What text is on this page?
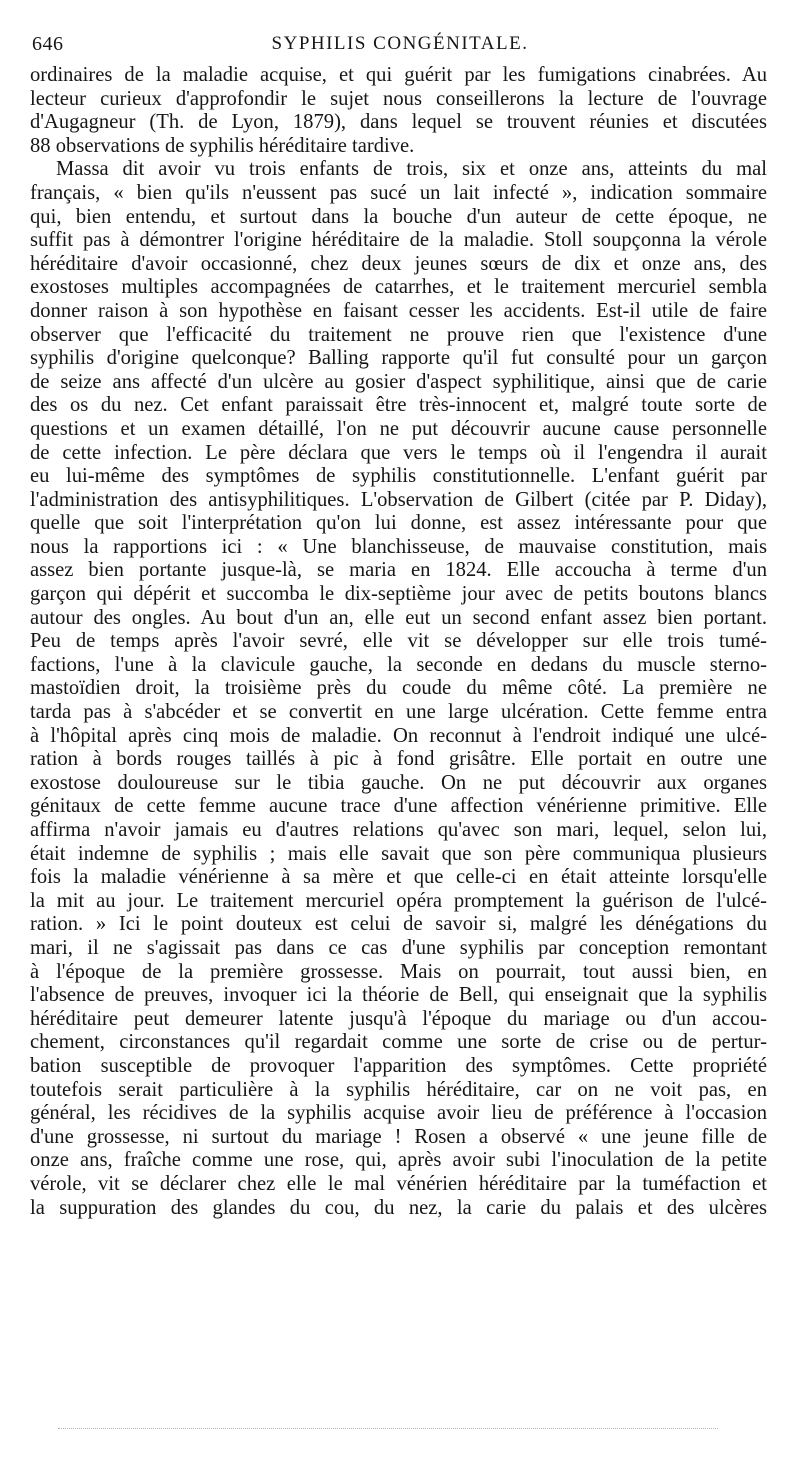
646	SYPHILIS CONGÉNITALE.
ordinaires de la maladie acquise, et qui guérit par les fumigations cinabrées. Au
lecteur curieux d'approfondir le sujet nous conseillerons la lecture de l'ouvrage
d'Augagneur (Th. de Lyon, 1879), dans lequel se trouvent réunies et discutées
88 observations de syphilis héréditaire tardive.
Massa dit avoir vu trois enfants de trois, six et onze ans, atteints du mal
français, « bien qu'ils n'eussent pas sucé un lait infecté », indication sommaire
qui, bien entendu, et surtout dans la bouche d'un auteur de cette époque, ne
suffit pas à démontrer l'origine héréditaire de la maladie. Stoll soupçonna la vérole
héréditaire d'avoir occasionné, chez deux jeunes sœurs de dix et onze ans, des
exostoses multiples accompagnées de catarrhes, et le traitement mercuriel sembla
donner raison à son hypothèse en faisant cesser les accidents. Est-il utile de faire
observer que l'efficacité du traitement ne prouve rien que l'existence d'une
syphilis d'origine quelconque? Balling rapporte qu'il fut consulté pour un garçon
de seize ans affecté d'un ulcère au gosier d'aspect syphilitique, ainsi que de carie
des os du nez. Cet enfant paraissait être très-innocent et, malgré toute sorte de
questions et un examen détaillé, l'on ne put découvrir aucune cause personnelle
de cette infection. Le père déclara que vers le temps où il l'engendra il aurait
eu lui-même des symptômes de syphilis constitutionnelle. L'enfant guérit par
l'administration des antisyphilitiques. L'observation de Gilbert (citée par P. Diday),
quelle que soit l'interprétation qu'on lui donne, est assez intéressante pour que
nous la rapportions ici : « Une blanchisseuse, de mauvaise constitution, mais
assez bien portante jusque-là, se maria en 1824. Elle accoucha à terme d'un
garçon qui dépérit et succomba le dix-septième jour avec de petits boutons blancs
autour des ongles. Au bout d'un an, elle eut un second enfant assez bien portant.
Peu de temps après l'avoir sevré, elle vit se développer sur elle trois tumé-
factions, l'une à la clavicule gauche, la seconde en dedans du muscle sterno-
mastoïdien droit, la troisième près du coude du même côté. La première ne
tarda pas à s'abcéder et se convertit en une large ulcération. Cette femme entra
à l'hôpital après cinq mois de maladie. On reconnut à l'endroit indiqué une ulcé-
ration à bords rouges taillés à pic à fond grisâtre. Elle portait en outre une
exostose douloureuse sur le tibia gauche. On ne put découvrir aux organes
génitaux de cette femme aucune trace d'une affection vénérienne primitive. Elle
affirma n'avoir jamais eu d'autres relations qu'avec son mari, lequel, selon lui,
était indemne de syphilis ; mais elle savait que son père communiqua plusieurs
fois la maladie vénérienne à sa mère et que celle-ci en était atteinte lorsqu'elle
la mit au jour. Le traitement mercuriel opéra promptement la guérison de l'ulcé-
ration. » Ici le point douteux est celui de savoir si, malgré les dénégations du
mari, il ne s'agissait pas dans ce cas d'une syphilis par conception remontant
à l'époque de la première grossesse. Mais on pourrait, tout aussi bien, en
l'absence de preuves, invoquer ici la théorie de Bell, qui enseignait que la syphilis
héréditaire peut demeurer latente jusqu'à l'époque du mariage ou d'un accou-
chement, circonstances qu'il regardait comme une sorte de crise ou de pertur-
bation susceptible de provoquer l'apparition des symptômes. Cette propriété
toutefois serait particulière à la syphilis héréditaire, car on ne voit pas, en
général, les récidives de la syphilis acquise avoir lieu de préférence à l'occasion
d'une grossesse, ni surtout du mariage ! Rosen a observé « une jeune fille de
onze ans, fraîche comme une rose, qui, après avoir subi l'inoculation de la petite
vérole, vit se déclarer chez elle le mal vénérien héréditaire par la tuméfaction et
la suppuration des glandes du cou, du nez, la carie du palais et des ulcères
